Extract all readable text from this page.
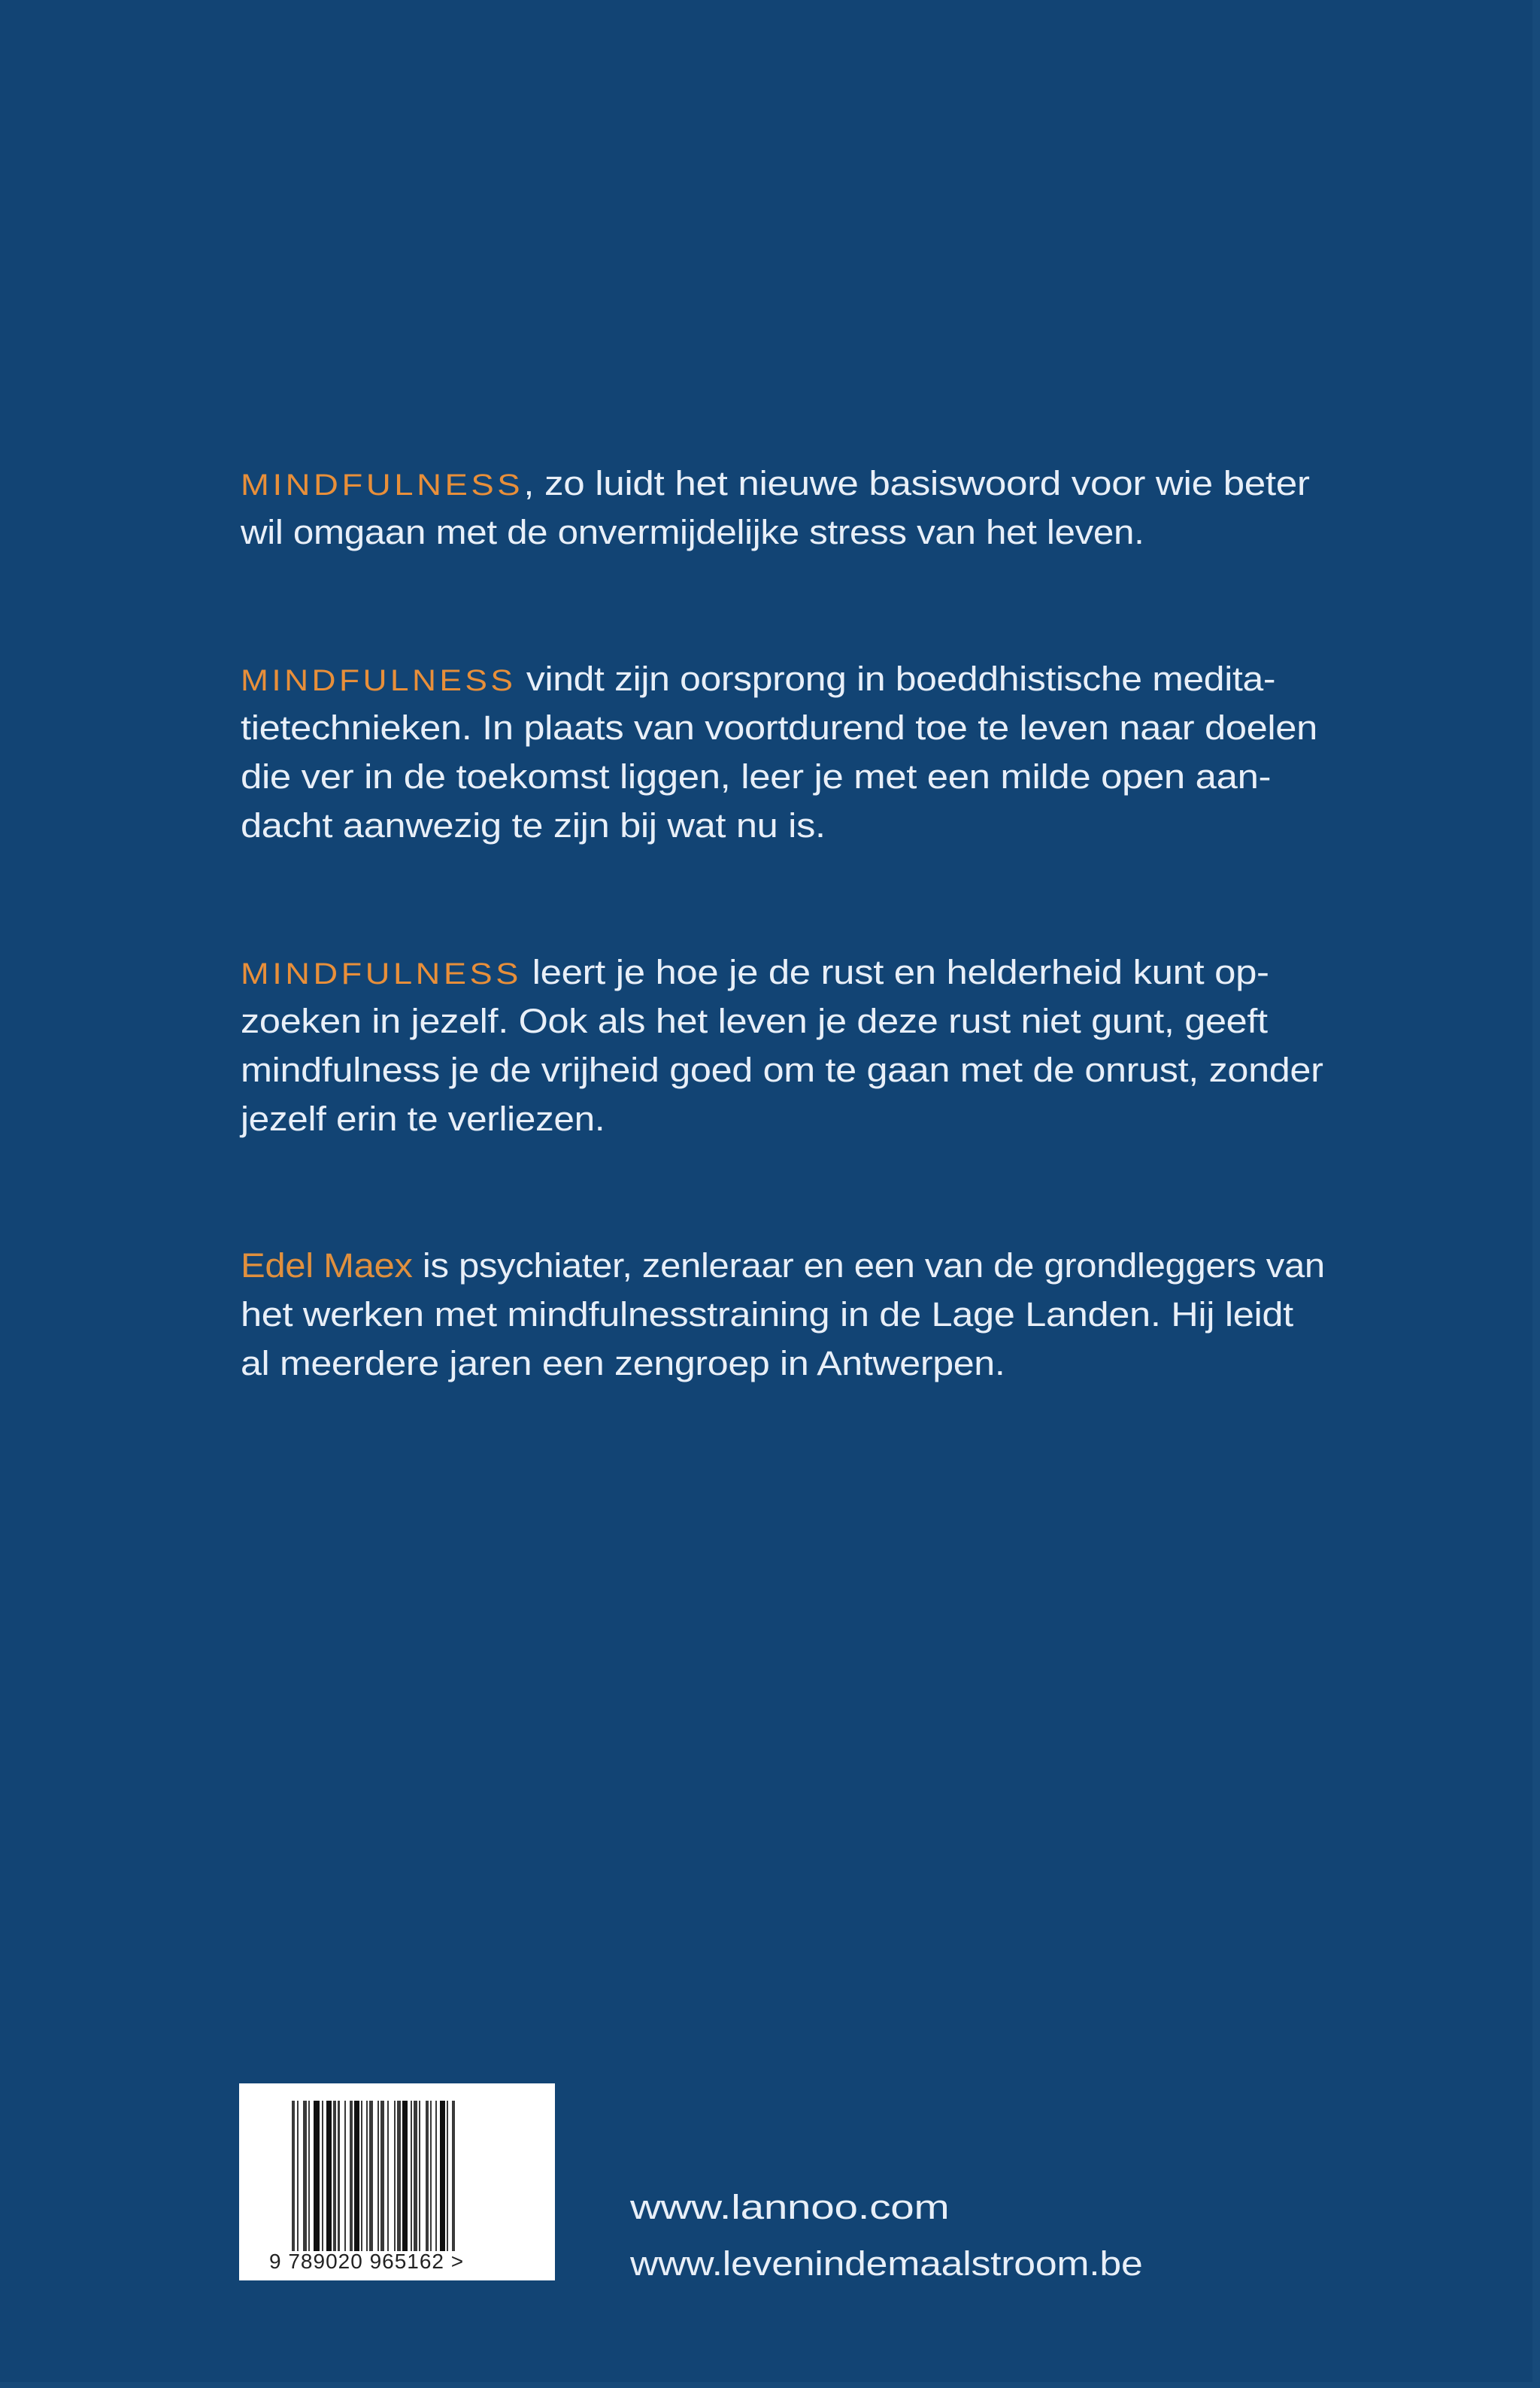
MINDFULNESS, zo luidt het nieuwe basiswoord voor wie beter
wil omgaan met de onvermijdelijke stress van het leven.
MINDFULNESS vindt zijn oorsprong in boeddhistische medita-
tietechnieken. In plaats van voortdurend toe te leven naar doelen
die ver in de toekomst liggen, leer je met een milde open aan-
dacht aanwezig te zijn bij wat nu is.
MINDFULNESS leert je hoe je de rust en helderheid kunt op-
zoeken in jezelf. Ook als het leven je deze rust niet gunt, geeft
mindfulness je de vrijheid goed om te gaan met de onrust, zonder
jezelf erin te verliezen.
Edel Maex is psychiater, zenleraar en een van de grondleggers van
het werken met mindfulnesstraining in de Lage Landen. Hij leidt
al meerdere jaren een zengroep in Antwerpen.
9 789020 965162 >
www.lannoo.com
www.levenindemaalstroom.be
